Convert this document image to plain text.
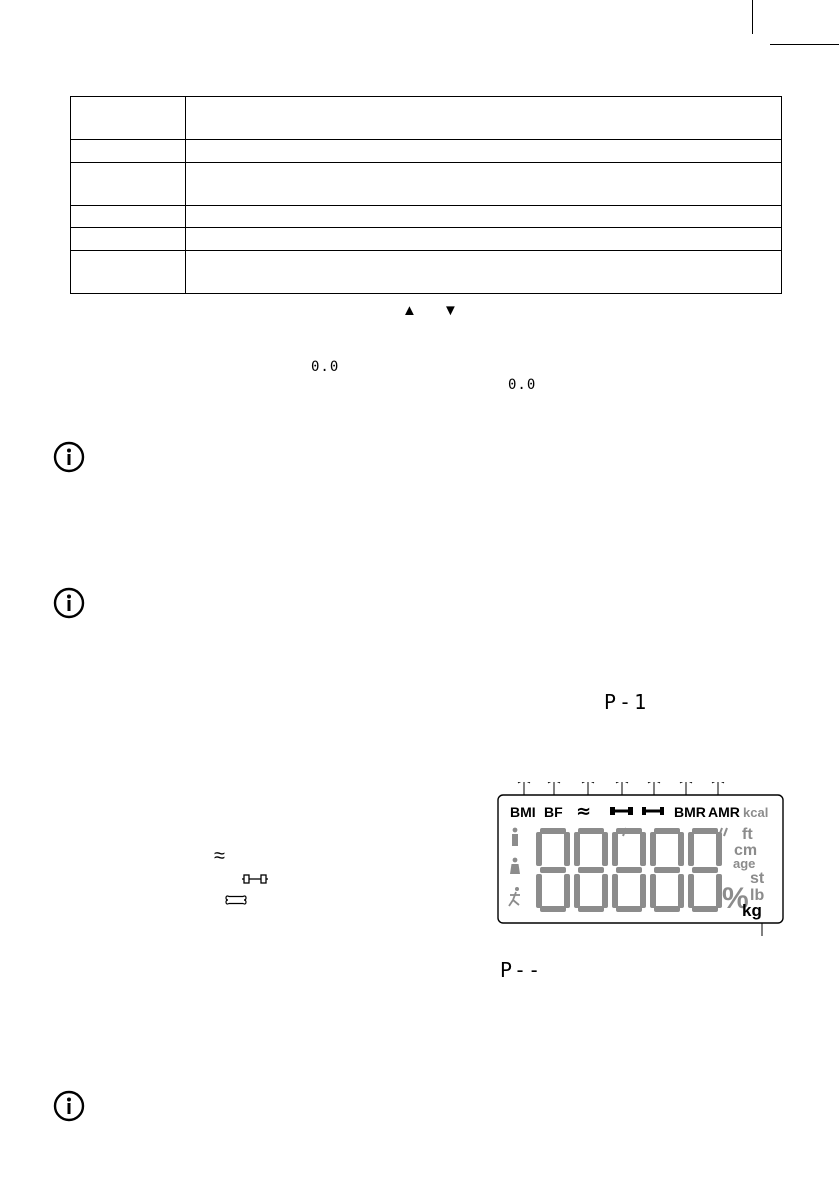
▲ ▼
0.0
0.0
P-1
≈
P--
BMI BF ≈	BMR AMR kcal
%
ft
cm
age
st
lb
kg
